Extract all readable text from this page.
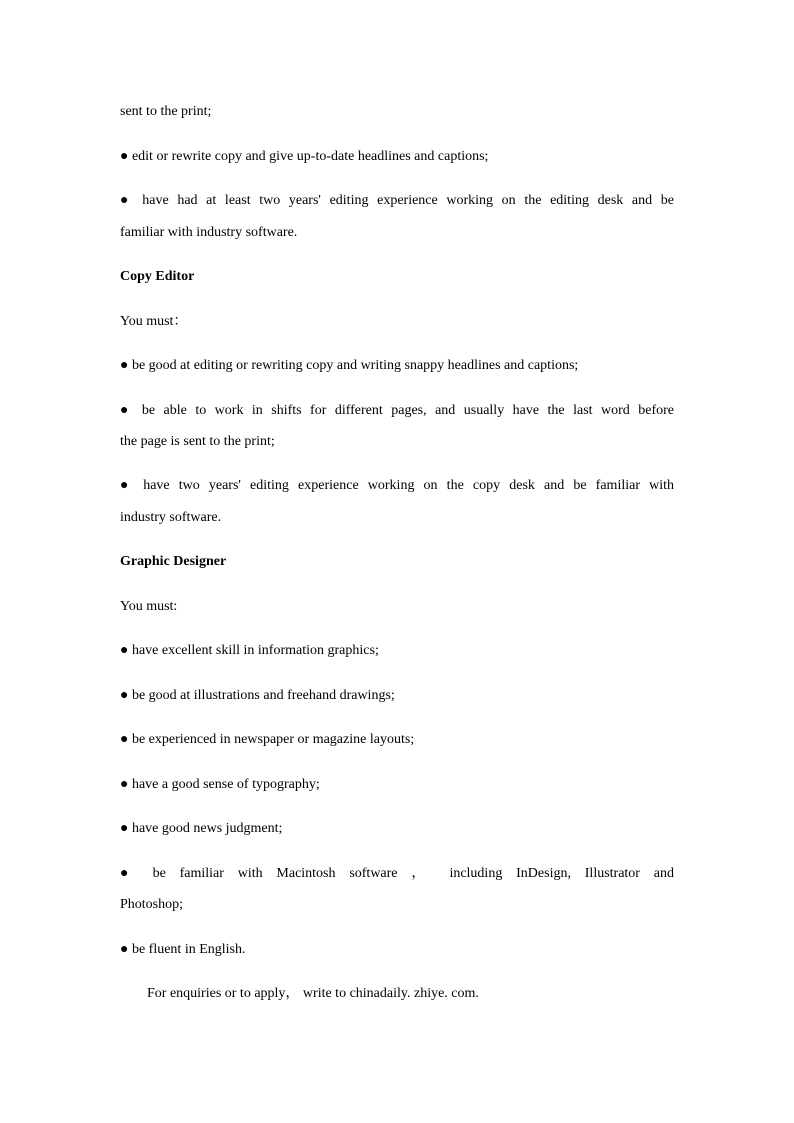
sent to the print;
● edit or rewrite copy and give up-to-date headlines and captions;
● have had at least two years' editing experience working on the editing desk and be
familiar with industry software.
Copy Editor
You must：
● be good at editing or rewriting copy and writing snappy headlines and captions;
● be able to work in shifts for different pages, and usually have the last word before
the page is sent to the print;
● have two years' editing experience working on the copy desk and be familiar with
industry software.
Graphic Designer
You must:
● have excellent skill in information graphics;
● be good at illustrations and freehand drawings;
● be experienced in newspaper or magazine layouts;
● have a good sense of typography;
● have good news judgment;
● be familiar with Macintosh software ， including InDesign, Illustrator and
Photoshop;
● be fluent in English.
For enquiries or to apply， write to chinadaily. zhiye. com.
